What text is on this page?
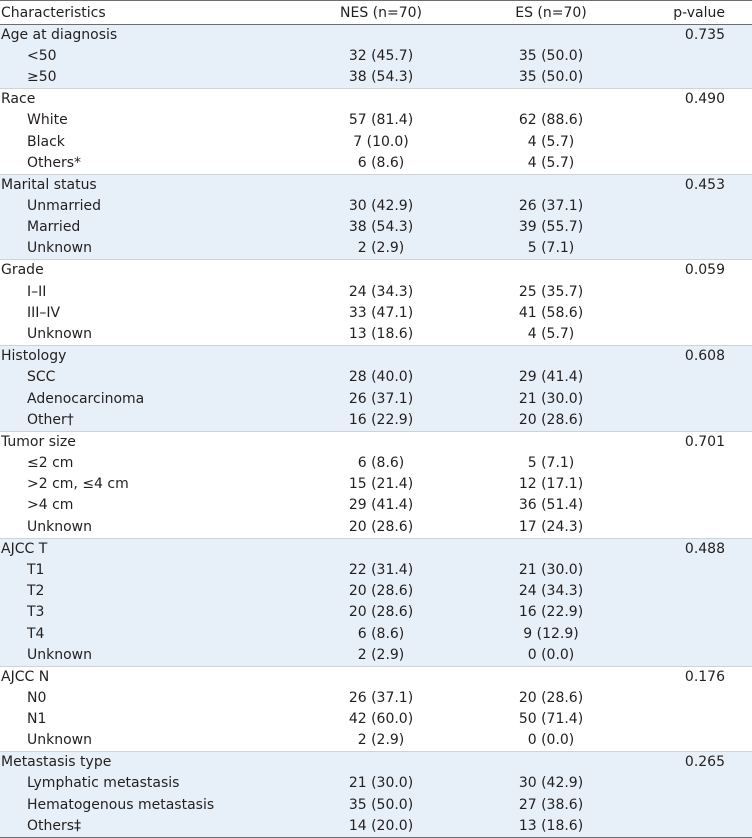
Characteristics	NES (n=70)	ES (n=70)	p-value
Age at diagnosis			0.735
<50	32 (45.7)	35 (50.0)	
≥50	38 (54.3)	35 (50.0)	
Race			0.490
White	57 (81.4)	62 (88.6)	
Black	7 (10.0)	4 (5.7)	
Others*	6 (8.6)	4 (5.7)	
Marital status			0.453
Unmarried	30 (42.9)	26 (37.1)	
Married	38 (54.3)	39 (55.7)	
Unknown	2 (2.9)	5 (7.1)	
Grade			0.059
I–II	24 (34.3)	25 (35.7)	
III–IV	33 (47.1)	41 (58.6)	
Unknown	13 (18.6)	4 (5.7)	
Histology			0.608
SCC	28 (40.0)	29 (41.4)	
Adenocarcinoma	26 (37.1)	21 (30.0)	
Other†	16 (22.9)	20 (28.6)	
Tumor size			0.701
≤2 cm	6 (8.6)	5 (7.1)	
>2 cm, ≤4 cm	15 (21.4)	12 (17.1)	
>4 cm	29 (41.4)	36 (51.4)	
Unknown	20 (28.6)	17 (24.3)	
AJCC T			0.488
T1	22 (31.4)	21 (30.0)	
T2	20 (28.6)	24 (34.3)	
T3	20 (28.6)	16 (22.9)	
T4	6 (8.6)	9 (12.9)	
Unknown	2 (2.9)	0 (0.0)	
AJCC N			0.176
N0	26 (37.1)	20 (28.6)	
N1	42 (60.0)	50 (71.4)	
Unknown	2 (2.9)	0 (0.0)	
Metastasis type			0.265
Lymphatic metastasis	21 (30.0)	30 (42.9)	
Hematogenous metastasis	35 (50.0)	27 (38.6)	
Others‡	14 (20.0)	13 (18.6)	
